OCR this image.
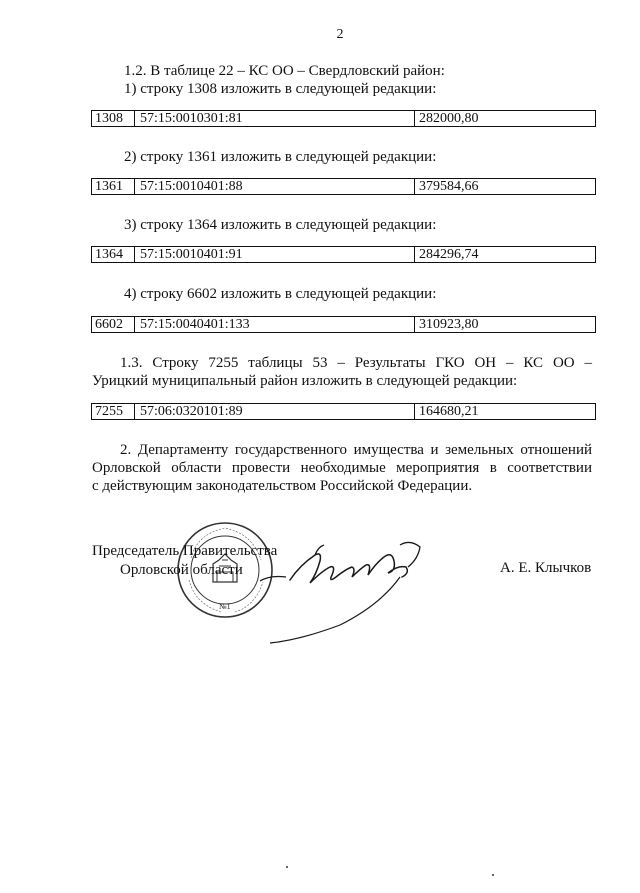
2
1.2. В таблице 22 – КС ОО – Свердловский район:
1) строку 1308 изложить в следующей редакции:
1308	57:15:0010301:81	282000,80
2) строку 1361 изложить в следующей редакции:
1361	57:15:0010401:88	379584,66
3) строку 1364 изложить в следующей редакции:
1364	57:15:0010401:91	284296,74
4) строку 6602 изложить в следующей редакции:
6602	57:15:0040401:133	310923,80
1.3. Строку 7255 таблицы 53 – Результаты ГКО ОН – КС ОО –
Урицкий муниципальный район изложить в следующей редакции:
7255	57:06:0320101:89	164680,21
2. Департаменту государственного имущества и земельных отношений
Орловской области провести необходимые мероприятия в соответствии
с действующим законодательством Российской Федерации.
№1
Председатель Правительства
Орловской области	А. Е. Клычков
